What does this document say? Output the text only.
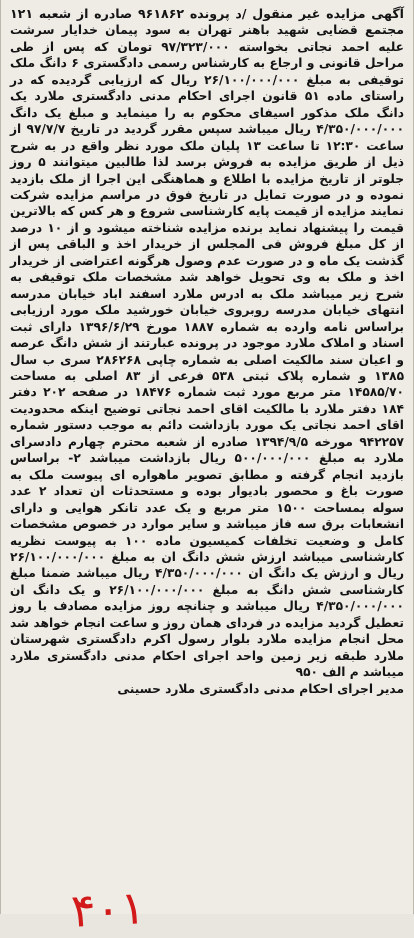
آگهی مزایده غیر منقول /د پرونده ۹۶۱۸۶۲ صادره از شعبه ۱۲۱ مجتمع قضایی شهید باهنر تهران به سود پیمان خدایار سرشت علیه احمد نجاتی بخواسته ۹۷/۳۲۳/۰۰۰ تومان که پس از طی مراحل قانونی و ارجاع به کارشناس رسمی دادگستری ۶ دانگ ملک توقیفی به مبلغ ۲۶/۱۰۰/۰۰۰/۰۰۰ ریال که ارزیابی گردیده که در راستای ماده ۵۱ قانون اجرای احکام مدنی دادگستری ملارد یک دانگ ملک مذکور اسیفای محکوم به را مینماید و مبلغ یک دانگ ۴/۳۵۰/۰۰۰/۰۰۰ ریال میباشد سپس مقرر گردید در تاریخ ۹۷/۷/۷ از ساعت ۱۲:۳۰ تا ساعت ۱۳ پلیان ملک مورد نظر واقع در به شرح ذیل از طریق مزایده به فروش برسد لذا طالبین میتوانند ۵ روز جلوتر از تاریخ مزایده با اطلاع و هماهنگی این اجرا از ملک بازدید نموده و در صورت تمایل در تاریخ فوق در مراسم مزایده شرکت نمایند مزایده از قیمت پایه کارشناسی شروع و هر کس که بالاترین قیمت را پیشنهاد نماید برنده مزایده شناخته میشود و از ۱۰ درصد از کل مبلغ فروش فی المجلس از خریدار اخذ و الباقی پس از گذشت یک ماه و در صورت عدم وصول هرگونه اعتراضی از خریدار اخذ و ملک به وی تحویل خواهد شد مشخصات ملک توقیفی به شرح زیر میباشد ملک به ادرس ملارد اسفند اباد خیابان مدرسه انتهای خیابان مدرسه روبروی خیابان خورشید ملک مورد ارزیابی براساس نامه وارده به شماره ۱۸۸۷ مورخ ۱۳۹۶/۶/۲۹ دارای ثبت اسناد و املاک ملارد موجود در پرونده عبارتند از شش دانگ عرصه و اعیان سند مالکیت اصلی به شماره چاپی ۲۸۶۲۶۸ سری ب سال ۱۳۸۵ و شماره پلاک ثبتی ۵۳۸ فرعی از ۸۳ اصلی به مساحت ۱۴۵۸۵/۷۰ متر مربع مورد ثبت شماره ۱۸۴۷۶ در صفحه ۲۰۲ دفتر ۱۸۴ دفتر ملارد با مالکیت اقای احمد نجاتی توضیح اینکه محدودیت اقای احمد نجاتی یک مورد بازداشت دائم به موجب دستور شماره ۹۴۲۲۵۷ مورخه ۱۳۹۴/۹/۵ صادره از شعبه محترم چهارم دادسرای ملارد به مبلغ ۵۰۰/۰۰۰/۰۰۰ ریال بازداشت میباشد ۲- براساس بازدید انجام گرفته و مطابق تصویر ماهواره ای پیوست ملک به صورت باغ و محصور بادیوار بوده و مستحدثات ان تعداد ۲ عدد سوله بمساحت ۱۵۰۰ متر مربع و یک عدد تانکر هوایی و دارای انشعابات برق سه فاز میباشد و سایر موارد در خصوص مشخصات کامل و وضعیت تخلفات کمیسیون ماده ۱۰۰ به پیوست نظریه کارشناسی میباشد ارزش شش دانگ ان به مبلغ ۲۶/۱۰۰/۰۰۰/۰۰۰ ریال و ارزش یک دانگ ان ۴/۳۵۰/۰۰۰/۰۰۰ ریال میباشد ضمنا مبلغ کارشناسی شش دانگ به مبلغ ۲۶/۱۰۰/۰۰۰/۰۰۰ و یک دانگ ان ۴/۳۵۰/۰۰۰/۰۰۰ ریال میباشد و چنانچه روز مزایده مصادف با روز تعطیل گردید مزایده در فردای همان روز و ساعت انجام خواهد شد محل انجام مزایده ملارد بلوار رسول اکرم دادگستری شهرستان ملارد طبقه زیر زمین واحد اجرای احکام مدنی دادگستری ملارد میباشد م الف ۹۵۰
مدیر اجرای احکام مدنی دادگستری ملارد حسینی
۴۰۱
